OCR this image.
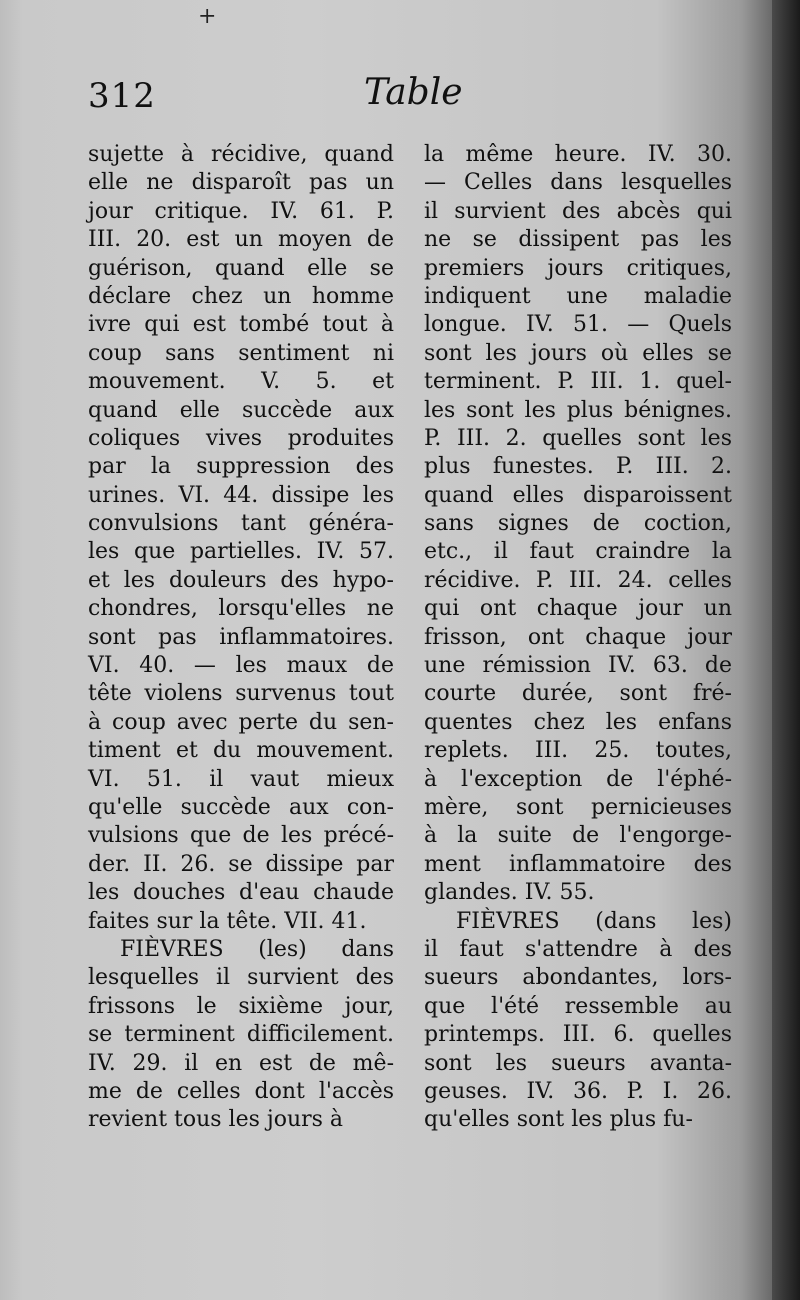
+
312	Table
sujette à récidive, quand
elle ne disparoît pas un
jour critique. IV. 61. P.
III. 20. est un moyen de
guérison, quand elle se
déclare chez un homme
ivre qui est tombé tout à
coup sans sentiment ni
mouvement. V. 5. et
quand elle succède aux
coliques vives produites
par la suppression des
urines. VI. 44. dissipe les
convulsions tant généra-
les que partielles. IV. 57.
et les douleurs des hypo-
chondres, lorsqu'elles ne
sont pas inflammatoires.
VI. 40. — les maux de
tête violens survenus tout
à coup avec perte du sen-
timent et du mouvement.
VI. 51. il vaut mieux
qu'elle succède aux con-
vulsions que de les précé-
der. II. 26. se dissipe par
les douches d'eau chaude
faites sur la tête. VII. 41.
FIÈVRES (les) dans
lesquelles il survient des
frissons le sixième jour,
se terminent difficilement.
IV. 29. il en est de mê-
me de celles dont l'accès
revient tous les jours à
la même heure. IV. 30.
— Celles dans lesquelles
il survient des abcès qui
ne se dissipent pas les
premiers jours critiques,
indiquent une maladie
longue. IV. 51. — Quels
sont les jours où elles se
terminent. P. III. 1. quel-
les sont les plus bénignes.
P. III. 2. quelles sont les
plus funestes. P. III. 2.
quand elles disparoissent
sans signes de coction,
etc., il faut craindre la
récidive. P. III. 24. celles
qui ont chaque jour un
frisson, ont chaque jour
une rémission IV. 63. de
courte durée, sont fré-
quentes chez les enfans
replets. III. 25. toutes,
à l'exception de l'éphé-
mère, sont pernicieuses
à la suite de l'engorge-
ment inflammatoire des
glandes. IV. 55.
FIÈVRES (dans les)
il faut s'attendre à des
sueurs abondantes, lors-
que l'été ressemble au
printemps. III. 6. quelles
sont les sueurs avanta-
geuses. IV. 36. P. I. 26.
qu'elles sont les plus fu-
